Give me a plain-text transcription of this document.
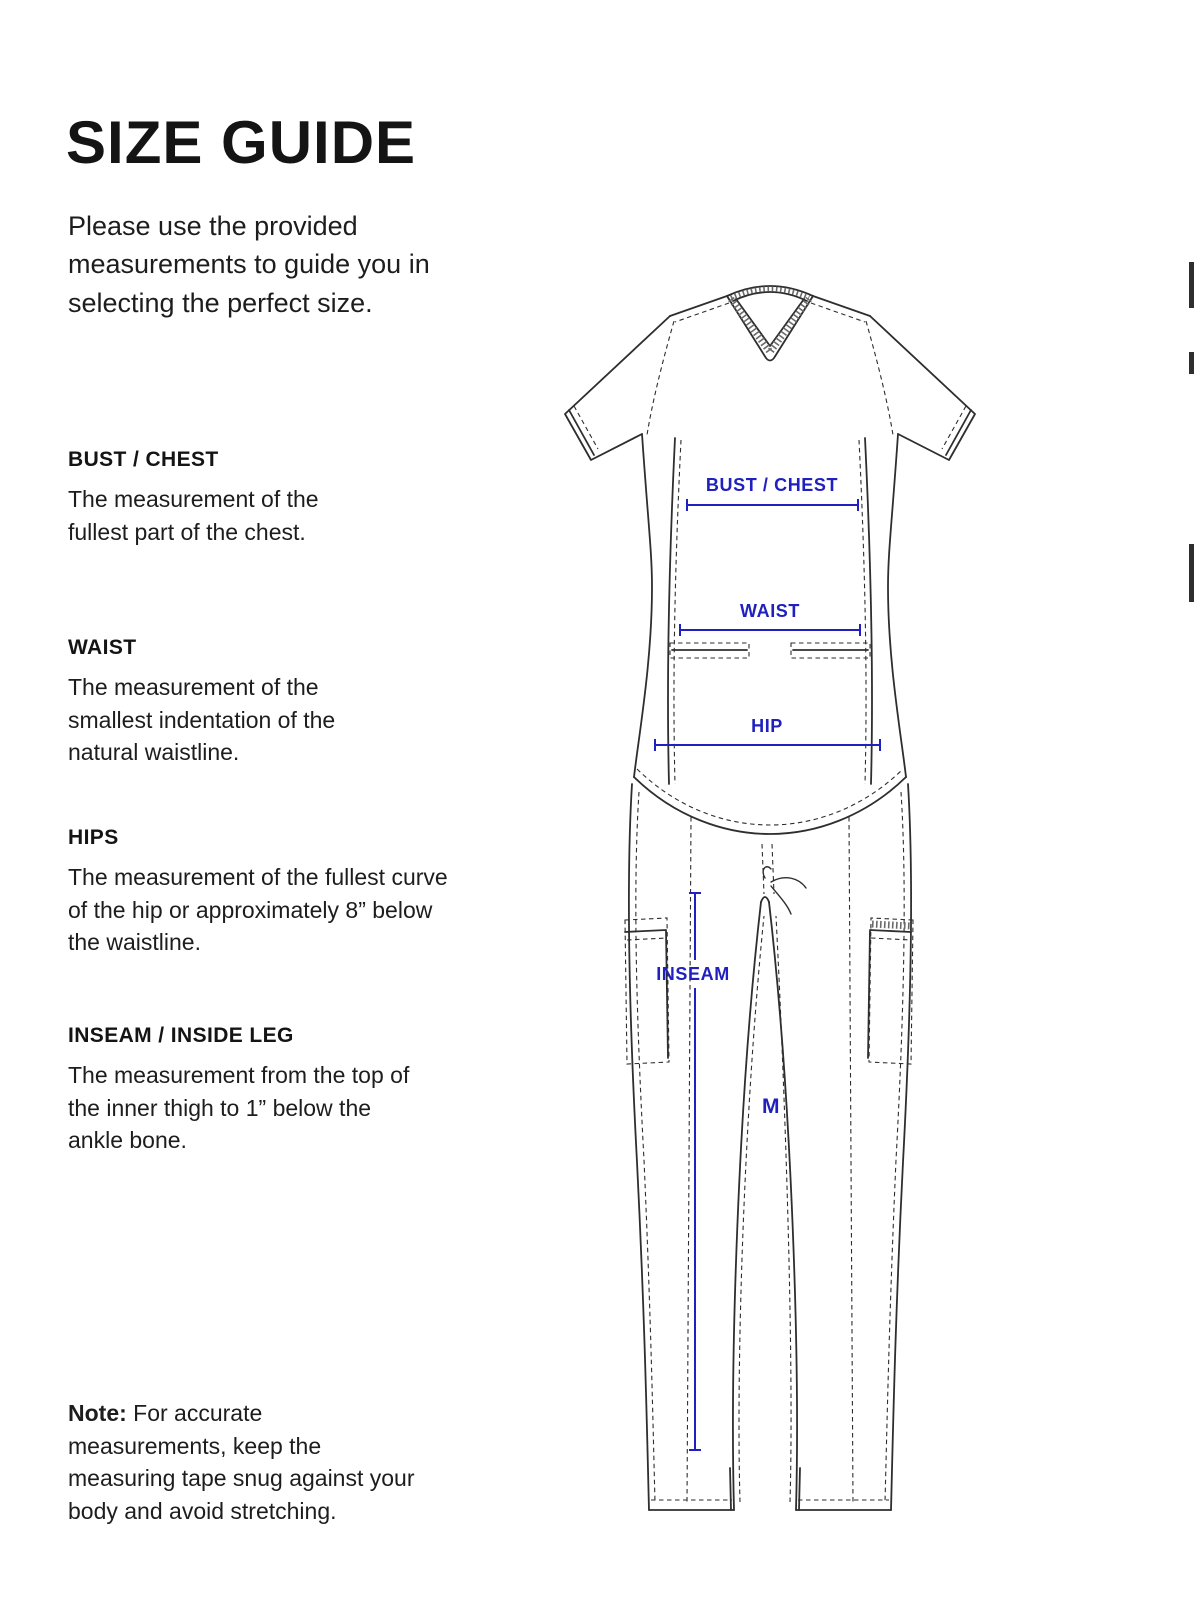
SIZE GUIDE

Please use the provided measurements to guide you in selecting the perfect size.

BUST / CHEST
The measurement of the fullest part of the chest.
WAIST
The measurement of the smallest indentation of the natural waistline.
HIPS
The measurement of the fullest curve of the hip or approximately 8” below the waistline.
INSEAM / INSIDE LEG
The measurement from the top of the inner thigh to 1” below the ankle bone.

Note: For accurate measurements, keep the measuring tape snug against your body and avoid stretching.

BUST / CHEST
WAIST
HIP
INSEAM
M
